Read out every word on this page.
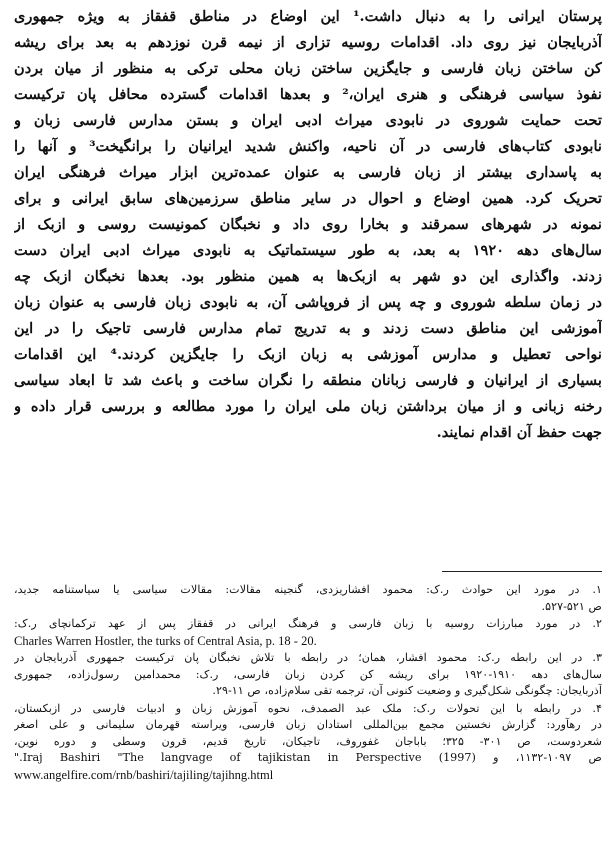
پرستان ایرانی را به دنبال داشت.¹ این اوضاع در مناطق قفقاز به ویژه جمهوری
آذربایجان نیز روی داد. اقدامات روسیه تزاری از نیمه قرن نوزدهم به بعد برای ریشه
کن ساختن زبان فارسی و جایگزین ساختن زبان محلی ترکی به منظور از میان بردن
نفوذ سیاسی فرهنگی و هنری ایران،² و بعدها اقدامات گسترده محافل پان ترکیست
تحت حمایت شوروی در نابودی میراث ادبی ایران و بستن مدارس فارسی زبان و
نابودی کتاب‌های فارسی در آن ناحیه، واکنش شدید ایرانیان را برانگیخت³ و آنها را
به پاسداری بیشتر از زبان فارسی به عنوان عمده‌ترین ابزار میراث فرهنگی ایران
تحریک کرد. همین اوضاع و احوال در سایر مناطق سرزمین‌های سابق ایرانی و برای
نمونه در شهرهای سمرقند و بخارا روی داد و نخبگان کمونیست روسی و ازبک از
سال‌های دهه ۱۹۲۰ به بعد، به طور سیستماتیک به نابودی میراث ادبی ایران دست
زدند. واگذاری این دو شهر به ازبک‌ها به همین منظور بود. بعدها نخبگان ازبک چه
در زمان سلطه شوروی و چه پس از فروپاشی آن، به نابودی زبان فارسی به عنوان زبان
آموزشی این مناطق دست زدند و به تدریج تمام مدارس فارسی تاجیک را در این
نواحی تعطیل و مدارس آموزشی به زبان ازبک را جایگزین کردند.⁴ این اقدامات
بسیاری از ایرانیان و فارسی زبانان منطقه را نگران ساخت و باعث شد تا ابعاد سیاسی
رخنه زبانی و از میان برداشتن زبان ملی ایران را مورد مطالعه و بررسی قرار داده و
جهت حفظ آن اقدام نمایند.
۱. در مورد این حوادث ر.ک: محمود افشاریزدی، گنجینه مقالات: مقالات سیاسی یا سیاستنامه جدید،
ص ۵۲۱-۵۲۷.
۲. در مورد مبارزات روسیه با زبان فارسی و فرهنگ ایرانی در قفقاز پس از عهد ترکمانچای ر.ک:
Charles Warren Hostler, the turks of Central Asia, p. 18 - 20.
۳. در این رابطه ر.ک: محمود افشار، همان؛ در رابطه با تلاش نخبگان پان ترکیست جمهوری آذربایجان در
سال‌های دهه ۱۹۱۰-۱۹۲۰ برای ریشه کن کردن زبان فارسی، ر.ک: محمدامین رسول‌زاده، جمهوری
آذربایجان: چگونگی شکل‌گیری و وضعیت کنونی آن، ترجمه تقی سلام‌زاده، ص ۱۱-۲۹.
۴. در رابطه با این تحولات ر.ک: ملک عبد الصمدف، نحوه آموزش زبان و ادبیات فارسی در ازبکستان،
در رهآورد: گزارش نخستین مجمع بین‌المللی استادان زبان فارسی، ویراسته قهرمان سلیمانی و علی اصغر
شعردوست، ص ۳۰۱- ۳۲۵؛ باباجان غفوروف، تاجیکان، تاریخ قدیم، قرون وسطی و دوره نوین،
ص ۱۰۹۷-۱۱۳۲، و (1997) Iraj Bashiri "The langvage of tajikistan in Perspective."
www.angelfire.com/rnb/bashiri/tajiling/tajihng.html
